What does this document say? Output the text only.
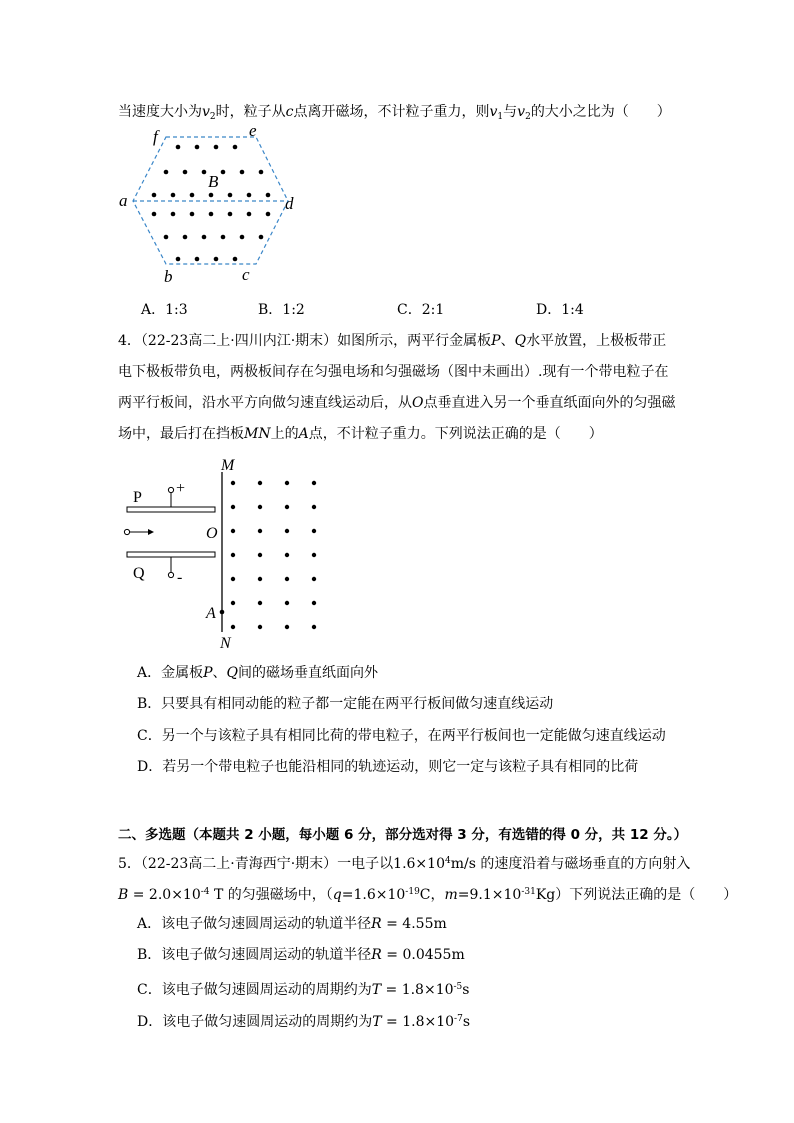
当速度大小为$v_2$时，粒子从c点离开磁场，不计粒子重力，则$v_1$与$v_2$的大小之比为（　　）
f	e
B
a	d
b	c
A．1:3	B．1:2	C．2:1	D．1:4
4．（22-23高二上·四川内江·期末）如图所示，两平行金属板P、Q水平放置，上极板带正
电下极板带负电，两极板间存在匀强电场和匀强磁场（图中未画出）.现有一个带电粒子在
两平行板间，沿水平方向做匀速直线运动后，从O点垂直进入另一个垂直纸面向外的匀强磁
场中，最后打在挡板MN上的A点，不计粒子重力。下列说法正确的是（　　）
M
N
O
A
P
Q
+
-
A．金属板P、Q间的磁场垂直纸面向外
B．只要具有相同动能的粒子都一定能在两平行板间做匀速直线运动
C．另一个与该粒子具有相同比荷的带电粒子，在两平行板间也一定能做匀速直线运动
D．若另一个带电粒子也能沿相同的轨迹运动，则它一定与该粒子具有相同的比荷
二、多选题（本题共 2 小题，每小题 6 分，部分选对得 3 分，有选错的得 0 分，共 12 分。）
5．（22-23高二上·青海西宁·期末）一电子以$1.6\times 10^4m/s$ 的速度沿着与磁场垂直的方向射入
$B = 2.0\times 10^{-4}$ T 的匀强磁场中，（$q=1.6\times 10^{-19}C$，$m=9.1\times 10^{-31}Kg$）下列说法正确的是（　　）
A．该电子做匀速圆周运动的轨道半径R = 4.55m
B．该电子做匀速圆周运动的轨道半径R = 0.0455m
C．该电子做匀速圆周运动的周期约为$T = 1.8\times 10^{-5}s$
D．该电子做匀速圆周运动的周期约为$T = 1.8\times 10^{-7}s$
